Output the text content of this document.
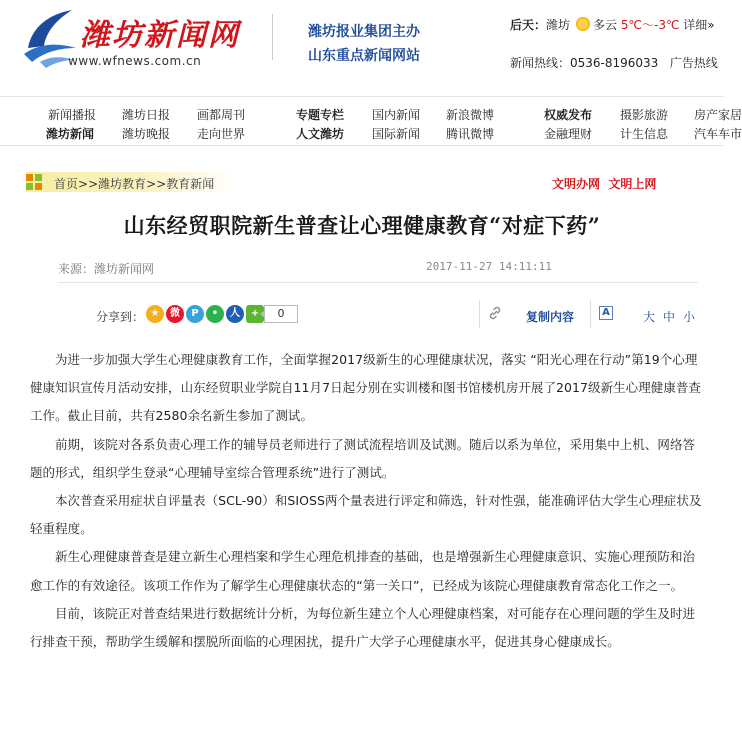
潍坊新闻网
www.wfnews.com.cn
潍坊报业集团主办
山东重点新闻网站
后天：潍坊 多云 5℃～-3℃ 详细»
新闻热线：0536-8196033 广告热线
新闻播报 潍坊日报 画都周刊	专题专栏 国内新闻 新浪微博	权威发布 摄影旅游 房产家居
潍坊新闻 潍坊晚报 走向世界	人文潍坊 国际新闻 腾讯微博	金融理财 计生信息 汽车车市
首页>>潍坊教育>>教育新闻	文明办网 文明上网
山东经贸职院新生普查让心理健康教育“对症下药”
来源：潍坊新闻网	2017-11-27 14:11:11
分享到： ★	微	P	•	人	+	0	复制内容	A	大 中 小

为进一步加强大学生心理健康教育工作，全面掌握2017级新生的心理健康状况，落实 “阳光心理在行动”第19个心理健康知识宣传月活动安排，山东经贸职业学院自11月7日起分别在实训楼和图书馆楼机房开展了2017级新生心理健康普查工作。截止目前，共有2580余名新生参加了测试。

前期，该院对各系负责心理工作的辅导员老师进行了测试流程培训及试测。随后以系为单位，采用集中上机、网络答题的形式，组织学生登录“心理辅导室综合管理系统”进行了测试。

本次普查采用症状自评量表（SCL-90）和SIOSS两个量表进行评定和筛选，针对性强，能准确评估大学生心理症状及轻重程度。

新生心理健康普查是建立新生心理档案和学生心理危机排查的基础，也是增强新生心理健康意识、实施心理预防和治愈工作的有效途径。该项工作作为了解学生心理健康状态的“第一关口”，已经成为该院心理健康教育常态化工作之一。

目前，该院正对普查结果进行数据统计分析，为每位新生建立个人心理健康档案，对可能存在心理问题的学生及时进行排查干预，帮助学生缓解和摆脱所面临的心理困扰，提升广大学子心理健康水平，促进其身心健康成长。
